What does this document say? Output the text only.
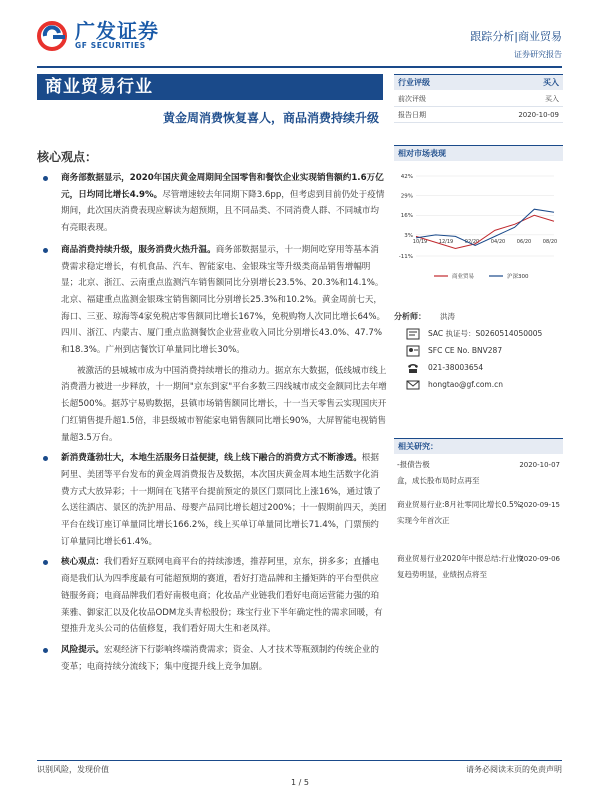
广发证券
GF SECURITIES
跟踪分析|商业贸易
证券研究报告
商业贸易行业
黄金周消费恢复喜人，商品消费持续升级
核心观点：
商务部数据显示，2020年国庆黄金周期间全国零售和餐饮企业实现销售额约1.6万亿元，日均同比增长4.9%。尽管增速较去年同期下降3.6pp，但考虑到目前仍处于疫情期间，此次国庆消费表现应解读为超预期，且不同品类、不同消费人群、不同城市均有亮眼表现。
商品消费持续升级，服务消费火热升温。商务部数据显示，十一期间吃穿用等基本消费需求稳定增长，有机食品、汽车、智能家电、金银珠宝等升级类商品销售增幅明显；北京、浙江、云南重点监测汽车销售额同比分别增长23.5%、20.3%和14.1%。北京、福建重点监测金银珠宝销售额同比分别增长25.3%和10.2%。黄金周前七天，海口、三亚、琼海等4家免税店零售额同比增长167%，免税购物人次同比增长64%。四川、浙江、内蒙古、厦门重点监测餐饮企业营业收入同比分别增长43.0%、47.7%和18.3%。广州到店餐饮订单量同比增长30%。
被激活的县城城市成为中国消费持续增长的推动力。据京东大数据，低线城市线上消费潜力被进一步释放，十一期间"京东到家"平台多数三四线城市成交金额同比去年增长超500%。据苏宁易购数据，县镇市场销售额同比增长，十一当天零售云实现国庆开门红销售提升超1.5倍，非县级城市智能家电销售额同比增长90%，大屏智能电视销售量超3.5万台。
新消费蓬勃壮大，本地生活服务日益便捷，线上线下融合的消费方式不断渗透。根据阿里、美团等平台发布的黄金周消费报告及数据，本次国庆黄金周本地生活数字化消费方式大放异彩；十一期间在飞猪平台提前预定的景区门票同比上涨16%，通过饿了么送往酒店、景区的洗护用品、母婴产品同比增长超过200%；十一假期前四天，美团平台在线订座订单量同比增长166.2%，线上买单订单量同比增长71.4%，门票预约订单量同比增长61.4%。
核心观点：我们看好互联网电商平台的持续渗透，推荐阿里，京东，拼多多；直播电商是我们认为四季度最有可能超预期的赛道，看好打造品牌和主播矩阵的平台型供应链服务商；电商品牌我们看好南极电商；化妆品产业链我们看好电商运营能力强的珀莱雅、御家汇以及化妆品ODM龙头青松股份；珠宝行业下半年确定性的需求回暖，有望推升龙头公司的估值修复，我们看好周大生和老凤祥。
风险提示。宏观经济下行影响终端消费需求；资金、人才技术等瓶颈制约传统企业的变革；电商持续分流线下；集中度提升线上竞争加剧。
行业评级	买入
前次评级	买入
报告日期	2020-10-09
相对市场表现
42%
29%
16%
3%
-11%
10/19 12/19 02/20 04/20 06/20 08/20
商业贸易	沪深300
分析师： 洪涛
SAC 执证号：S0260514050005
SFC CE No. BNV287
021-38003654
hongtao@gf.com.cn
相关研究：
-报债告极	2020-10-07
盒，成长股布局时点再至
商业贸易行业:8月社零同比增长0.5%，实现今年首次正
2020-09-15
商业贸易行业2020年中报总结:行业恢复趋势明显，业绩拐点将至
2020-09-06
识别风险，发现价值	请务必阅读末页的免责声明
1 / 5
